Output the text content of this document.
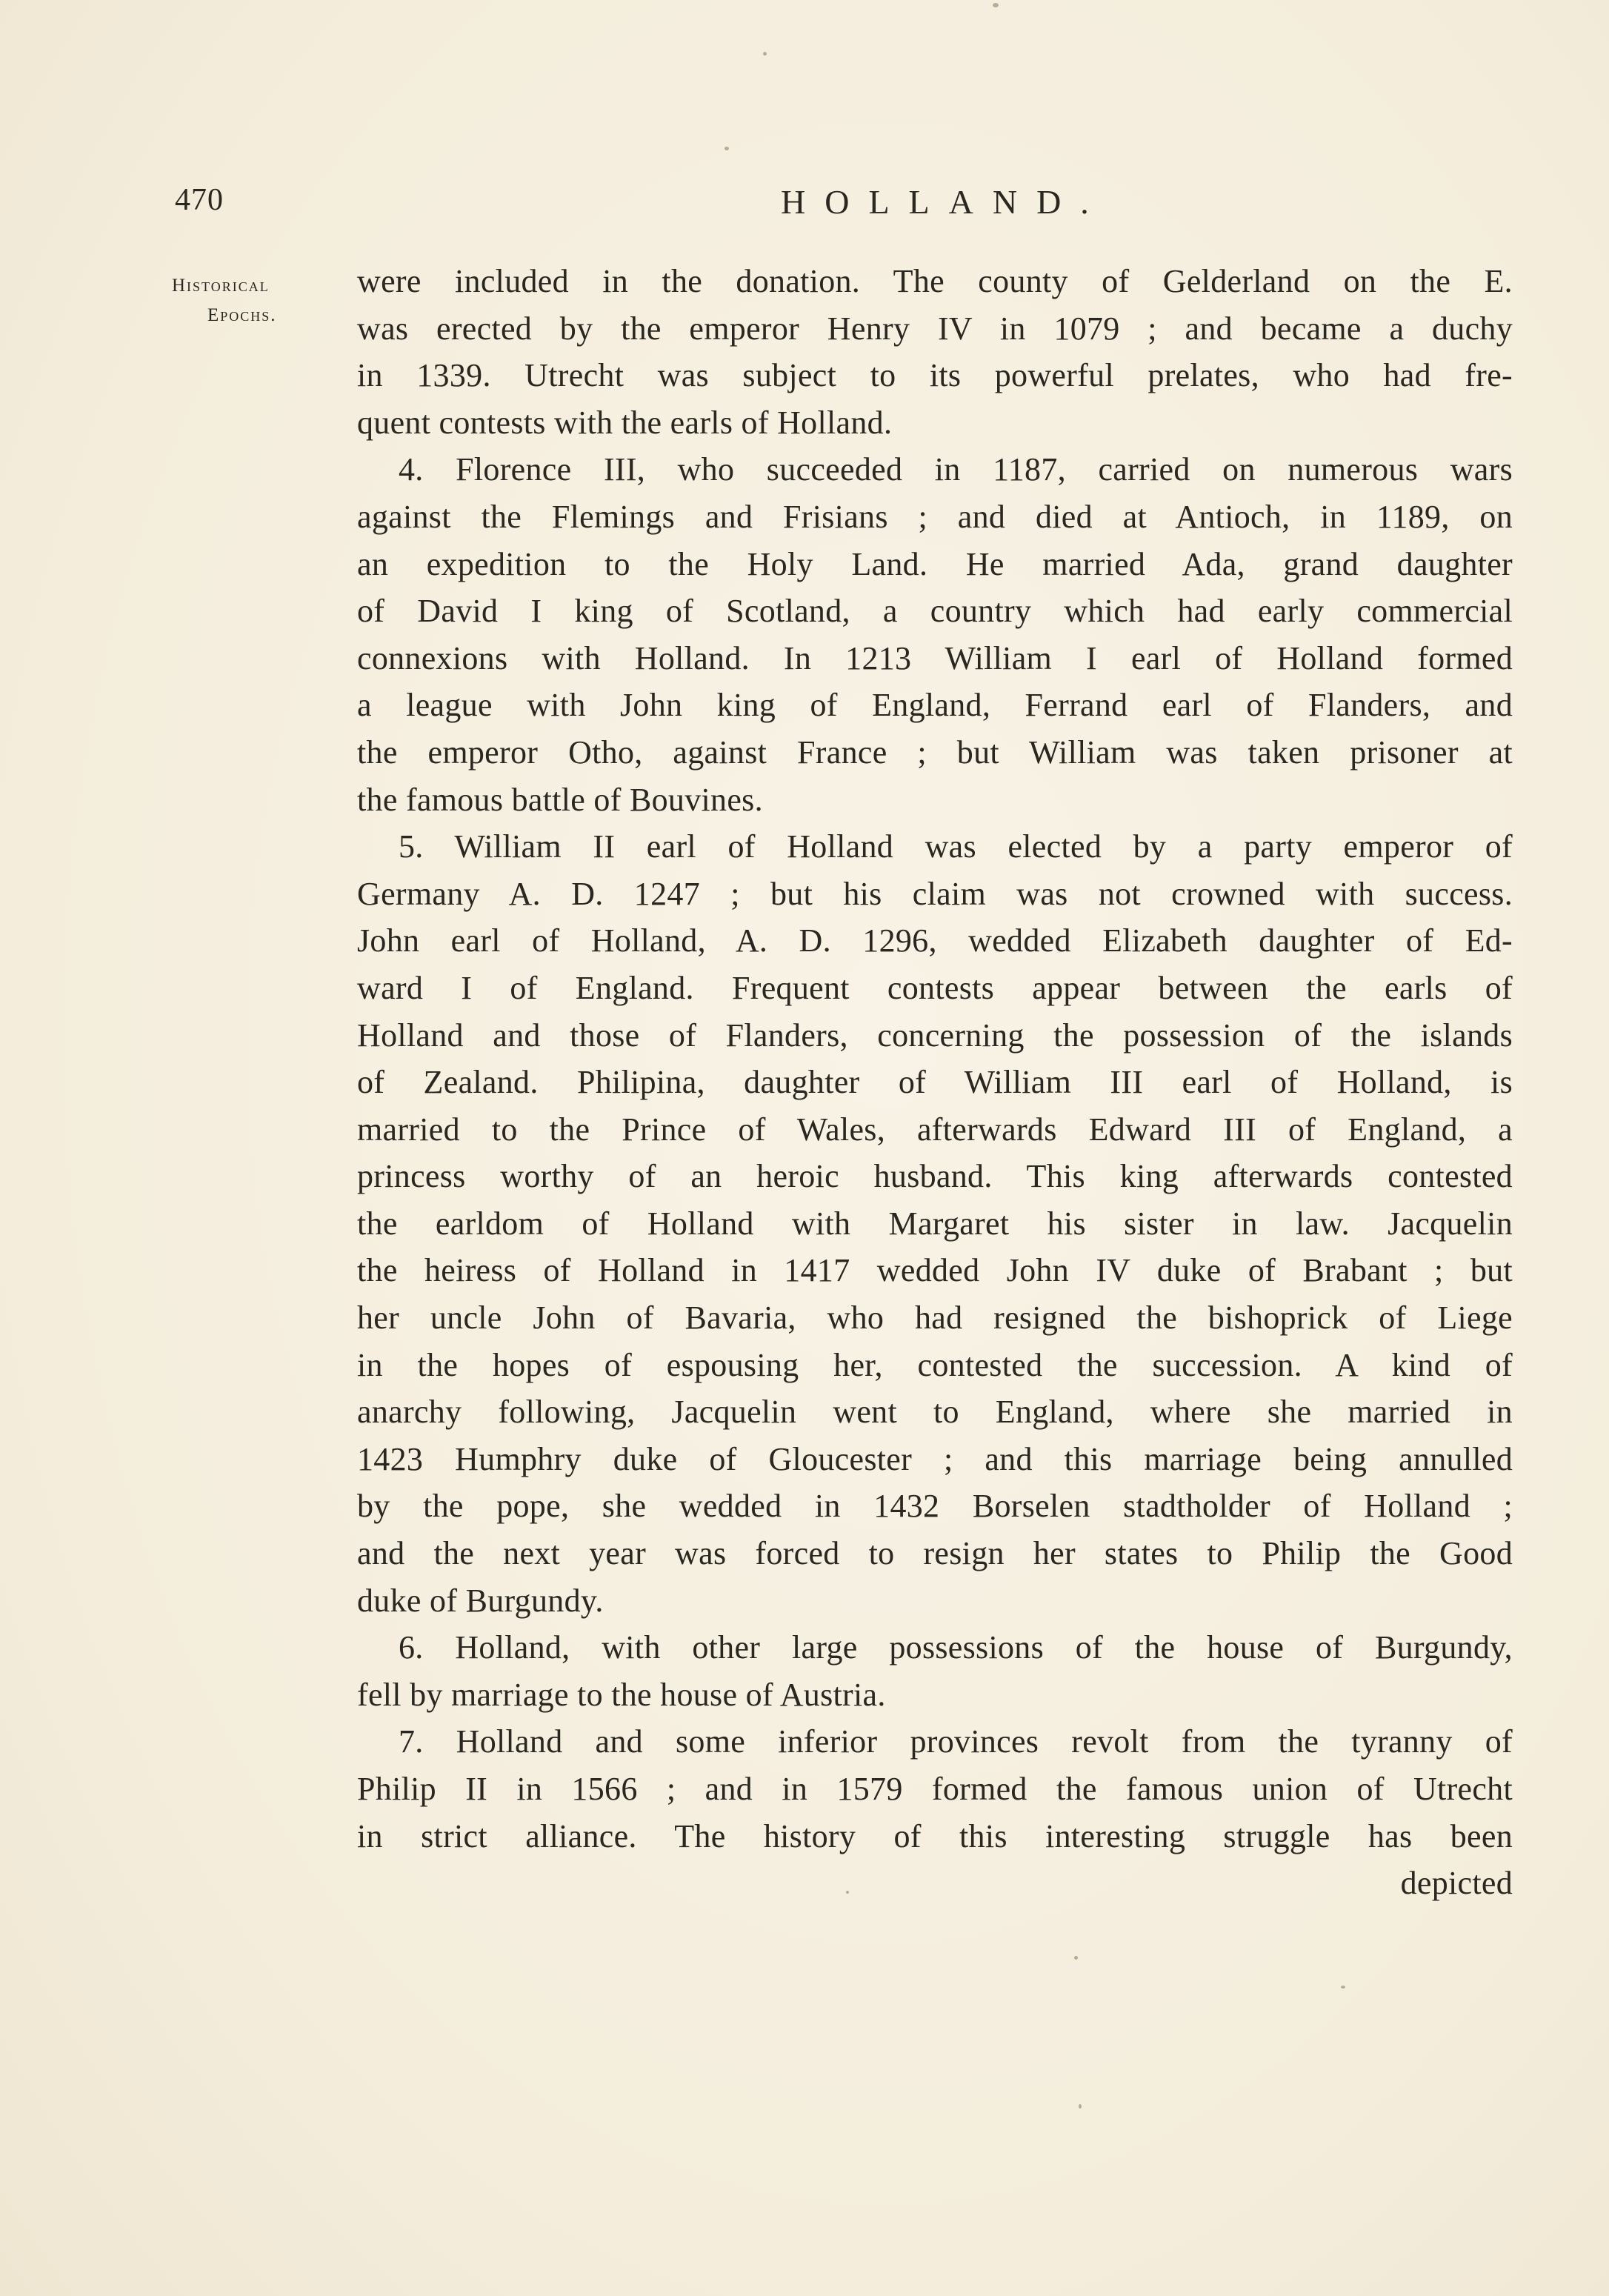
470	HOLLAND.
Historical
Epochs.
were included in the donation. The county of Gelderland on the E.
was erected by the emperor Henry IV in 1079 ; and became a duchy
in 1339. Utrecht was subject to its powerful prelates, who had fre-
quent contests with the earls of Holland.
4. Florence III, who succeeded in 1187, carried on numerous wars
against the Flemings and Frisians ; and died at Antioch, in 1189, on
an expedition to the Holy Land. He married Ada, grand daughter
of David I king of Scotland, a country which had early commercial
connexions with Holland. In 1213 William I earl of Holland formed
a league with John king of England, Ferrand earl of Flanders, and
the emperor Otho, against France ; but William was taken prisoner at
the famous battle of Bouvines.
5. William II earl of Holland was elected by a party emperor of
Germany A. D. 1247 ; but his claim was not crowned with success.
John earl of Holland, A. D. 1296, wedded Elizabeth daughter of Ed-
ward I of England. Frequent contests appear between the earls of
Holland and those of Flanders, concerning the possession of the islands
of Zealand. Philipina, daughter of William III earl of Holland, is
married to the Prince of Wales, afterwards Edward III of England, a
princess worthy of an heroic husband. This king afterwards contested
the earldom of Holland with Margaret his sister in law. Jacquelin
the heiress of Holland in 1417 wedded John IV duke of Brabant ; but
her uncle John of Bavaria, who had resigned the bishoprick of Liege
in the hopes of espousing her, contested the succession. A kind of
anarchy following, Jacquelin went to England, where she married in
1423 Humphry duke of Gloucester ; and this marriage being annulled
by the pope, she wedded in 1432 Borselen stadtholder of Holland ;
and the next year was forced to resign her states to Philip the Good
duke of Burgundy.
6. Holland, with other large possessions of the house of Burgundy,
fell by marriage to the house of Austria.
7. Holland and some inferior provinces revolt from the tyranny of
Philip II in 1566 ; and in 1579 formed the famous union of Utrecht
in strict alliance. The history of this interesting struggle has been
depicted
